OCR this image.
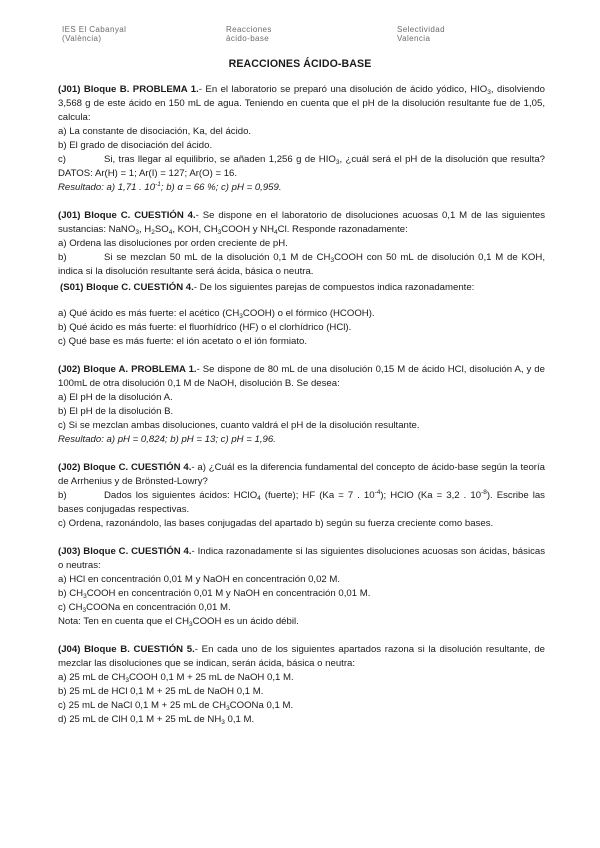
IES El Cabanyal
(València)
Reacciones
ácido-base
Selectividad
Valencia
REACCIONES ÁCIDO-BASE

(J01) Bloque B. PROBLEMA 1.- En el laboratorio se preparó una disolución de ácido yódico, $HIO_3$, disolviendo 3,568 g de este ácido en 150 mL de agua. Teniendo en cuenta que el pH de la disolución resultante fue de 1,05, calcula:

a) La constante de disociación, Ka, del ácido.

b) El grado de disociación del ácido.

c)	Si, tras llegar al equilibrio, se añaden 1,256 g de $HIO_3$, ¿cuál será el pH de la disolución que resulta? DATOS: Ar(H) = 1; Ar(I) = 127; Ar(O) = 16.

Resultado: a) 1,71 . $10^{-1}$; b) α = 66 %; c) pH = 0,959.

(J01) Bloque C. CUESTIÓN 4.- Se dispone en el laboratorio de disoluciones acuosas 0,1 M de las siguientes sustancias: NaNO$_3$, $H_2SO_4$, KOH, $CH_3COOH$ y $NH_4Cl$. Responde razonadamente:

a) Ordena las disoluciones por orden creciente de pH.

b)	Si se mezclan 50 mL de la disolución 0,1 M de $CH_3COOH$ con 50 mL de disolución 0,1 M de KOH, indica si la disolución resultante será ácida, básica o neutra.

(S01) Bloque C. CUESTIÓN 4.- De los siguientes parejas de compuestos indica razonadamente:

a) Qué ácido es más fuerte: el acético $(CH_3COOH)$ o el fórmico (HCOOH).

b) Qué ácido es más fuerte: el fluorhídrico (HF) o el clorhídrico (HCl).

c) Qué base es más fuerte: el ión acetato o el ión formiato.

(J02) Bloque A. PROBLEMA 1.- Se dispone de 80 mL de una disolución 0,15 M de ácido HCl, disolución A, y de 100mL de otra disolución 0,1 M de NaOH, disolución B. Se desea:

a) El pH de la disolución A.

b) El pH de la disolución B.

c) Si se mezclan ambas disoluciones, cuanto valdrá el pH de la disolución resultante.

Resultado: a) pH = 0,824; b) pH = 13; c) pH = 1,96.

(J02) Bloque C. CUESTIÓN 4.- a) ¿Cuál es la diferencia fundamental del concepto de ácido-base según la teoría de Arrhenius y de Brönsted-Lowry?

b)	Dados los siguientes ácidos: HClO$_4$ (fuerte); HF (Ka = 7 . $10^{-4}$); HClO (Ka = 3,2 . $10^{-8}$). Escribe las bases conjugadas respectivas.

c) Ordena, razonándolo, las bases conjugadas del apartado b) según su fuerza creciente como bases.

(J03) Bloque C. CUESTIÓN 4.- Indica razonadamente si las siguientes disoluciones acuosas son ácidas, básicas o neutras:

a) HCl en concentración 0,01 M y NaOH en concentración 0,02 M.

b) $CH_3COOH$ en concentración 0,01 M y NaOH en concentración 0,01 M.

c) $CH_3COONa$ en concentración 0,01 M.

Nota: Ten en cuenta que el $CH_3COOH$ es un ácido débil.

(J04) Bloque B. CUESTIÓN 5.- En cada uno de los siguientes apartados razona si la disolución resultante, de mezclar las disoluciones que se indican, serán ácida, básica o neutra:

a) 25 mL de $CH_3COOH$ 0,1 M + 25 mL de NaOH 0,1 M.

b) 25 mL de HCl 0,1 M + 25 mL de NaOH 0,1 M.

c) 25 mL de NaCl 0,1 M + 25 mL de $CH_3COONa$ 0,1 M.

d) 25 mL de ClH 0,1 M + 25 mL de $NH_3$ 0,1 M.
